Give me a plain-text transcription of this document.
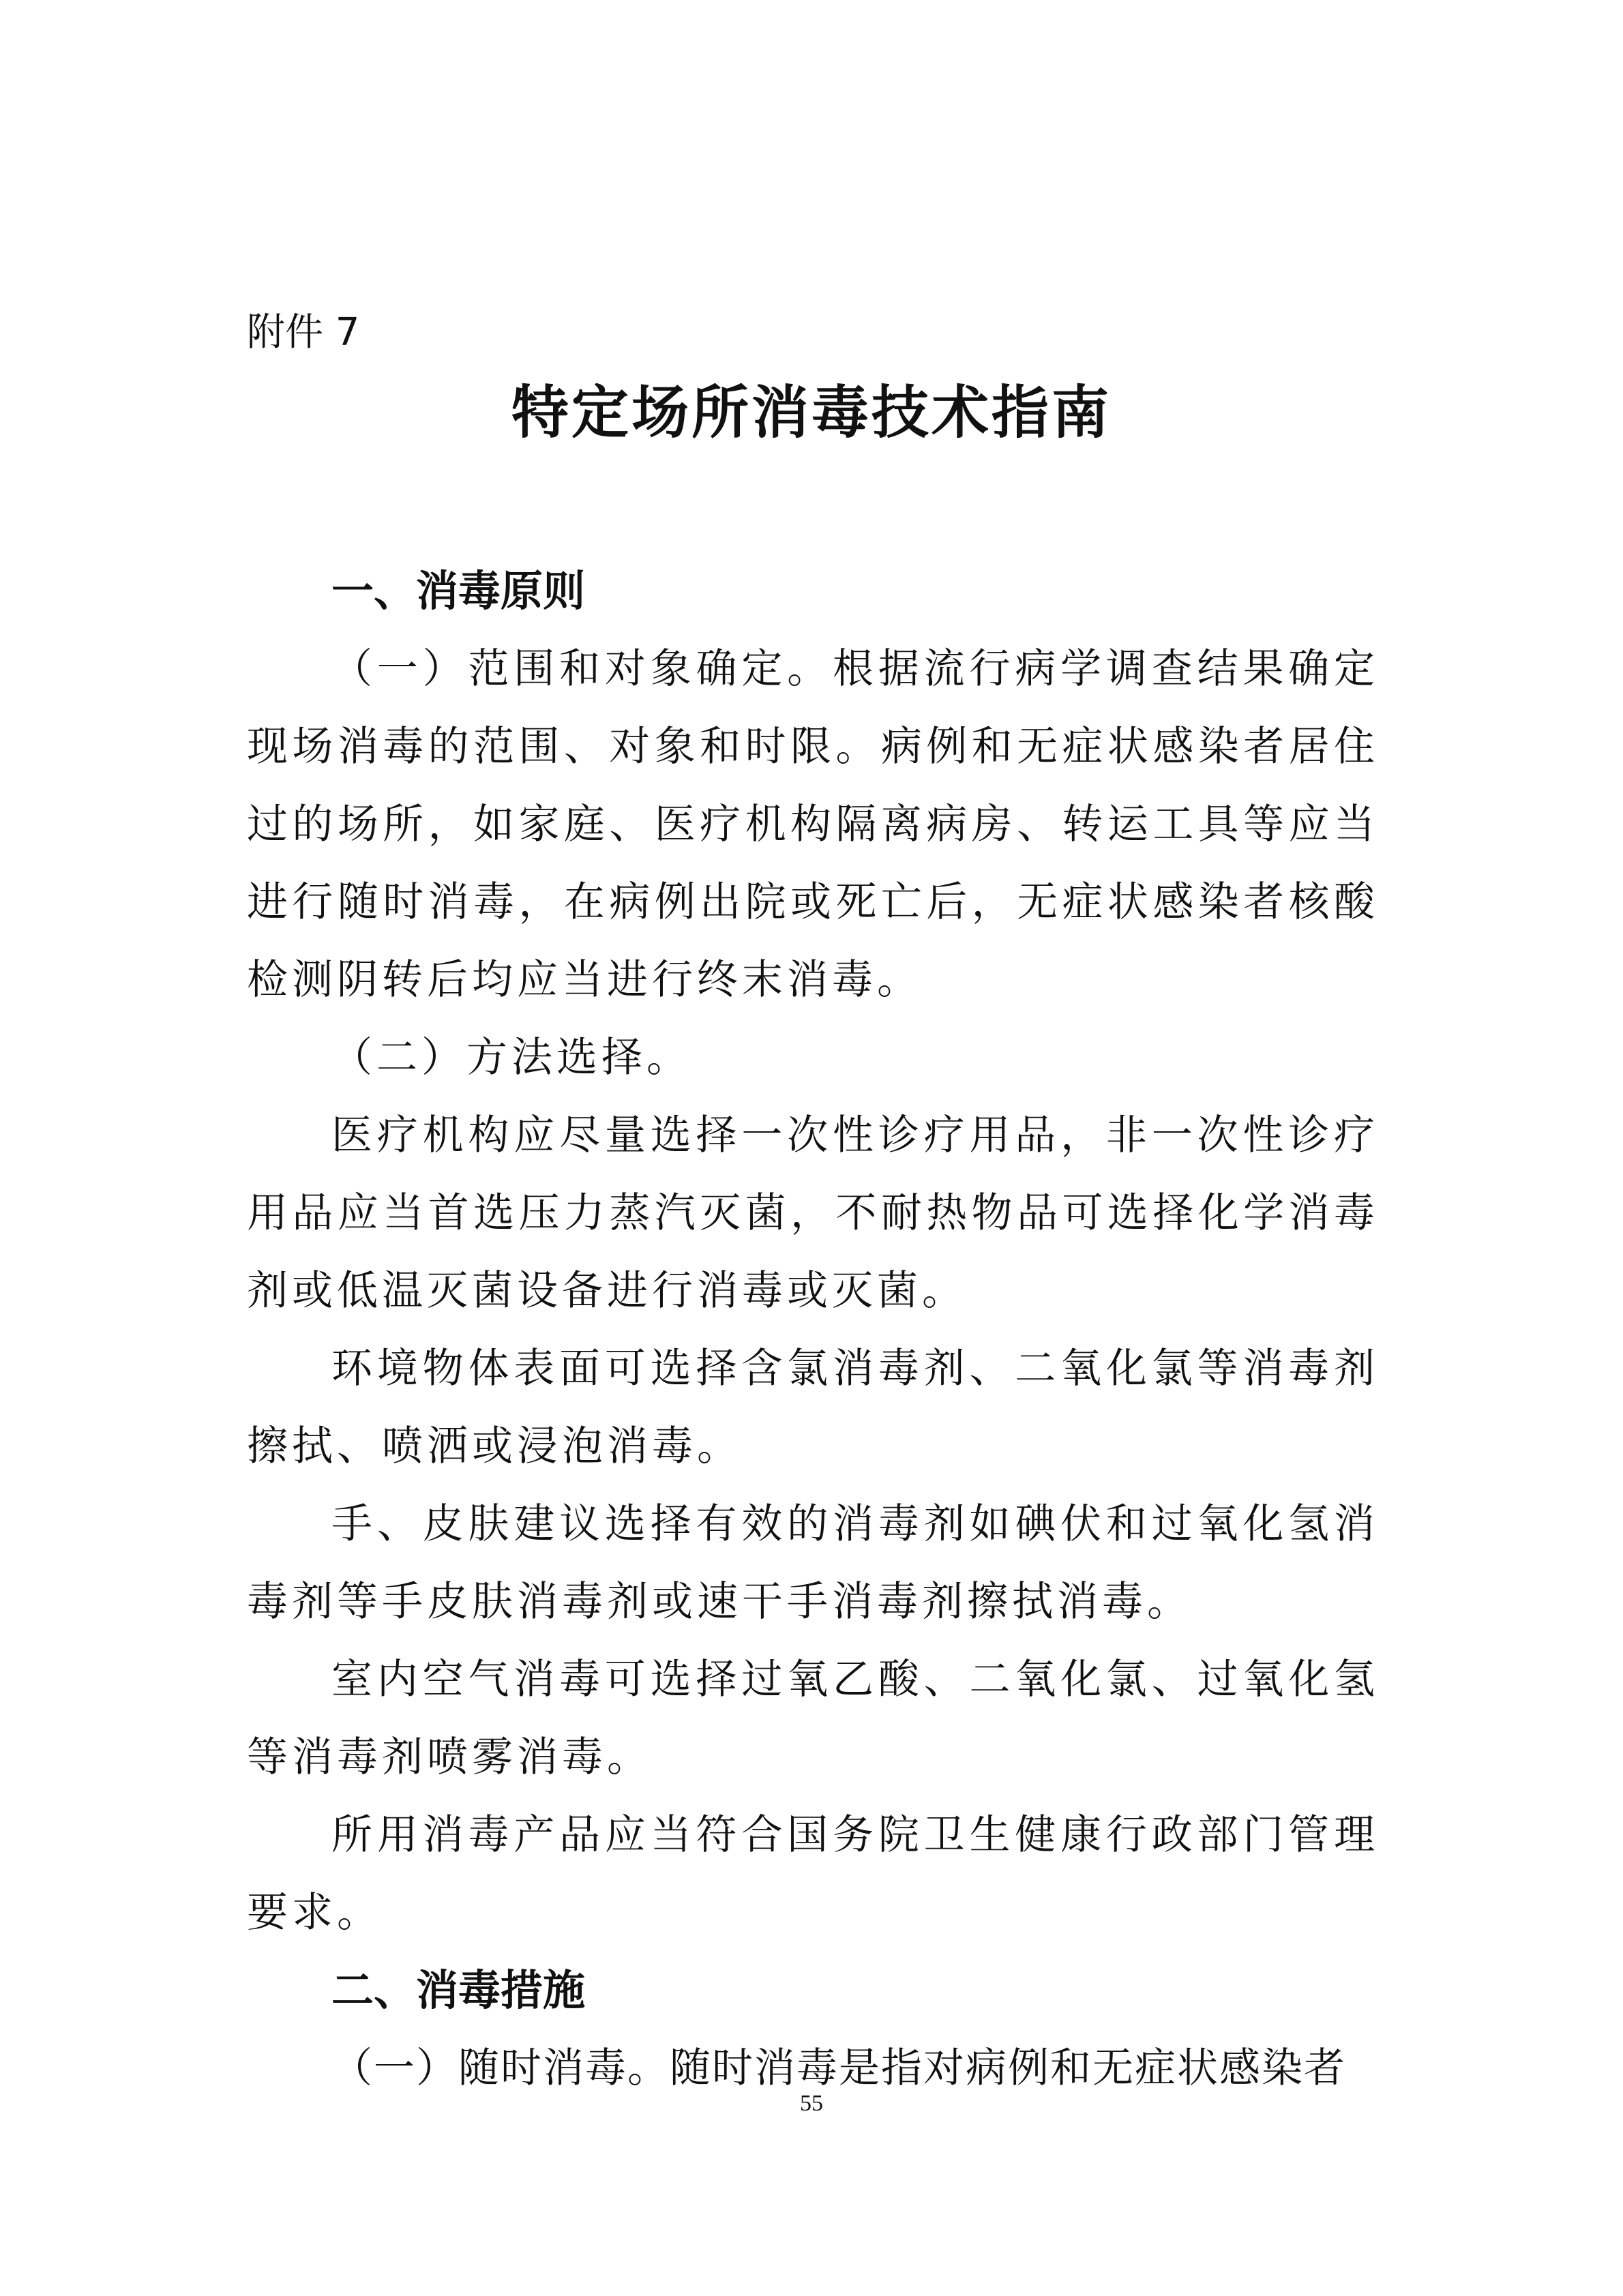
附件 7
特定场所消毒技术指南

一、消毒原则

（一）范围和对象确定。根据流行病学调查结果确定现场消毒的范围、对象和时限。病例和无症状感染者居住过的场所，如家庭、医疗机构隔离病房、转运工具等应当进行随时消毒，在病例出院或死亡后，无症状感染者核酸检测阴转后均应当进行终末消毒。

（二）方法选择。

医疗机构应尽量选择一次性诊疗用品，非一次性诊疗用品应当首选压力蒸汽灭菌，不耐热物品可选择化学消毒剂或低温灭菌设备进行消毒或灭菌。

环境物体表面可选择含氯消毒剂、二氧化氯等消毒剂擦拭、喷洒或浸泡消毒。

手、皮肤建议选择有效的消毒剂如碘伏和过氧化氢消毒剂等手皮肤消毒剂或速干手消毒剂擦拭消毒。

室内空气消毒可选择过氧乙酸、二氧化氯、过氧化氢等消毒剂喷雾消毒。

所用消毒产品应当符合国务院卫生健康行政部门管理要求。

二、消毒措施

（一）随时消毒。随时消毒是指对病例和无症状感染者

55
